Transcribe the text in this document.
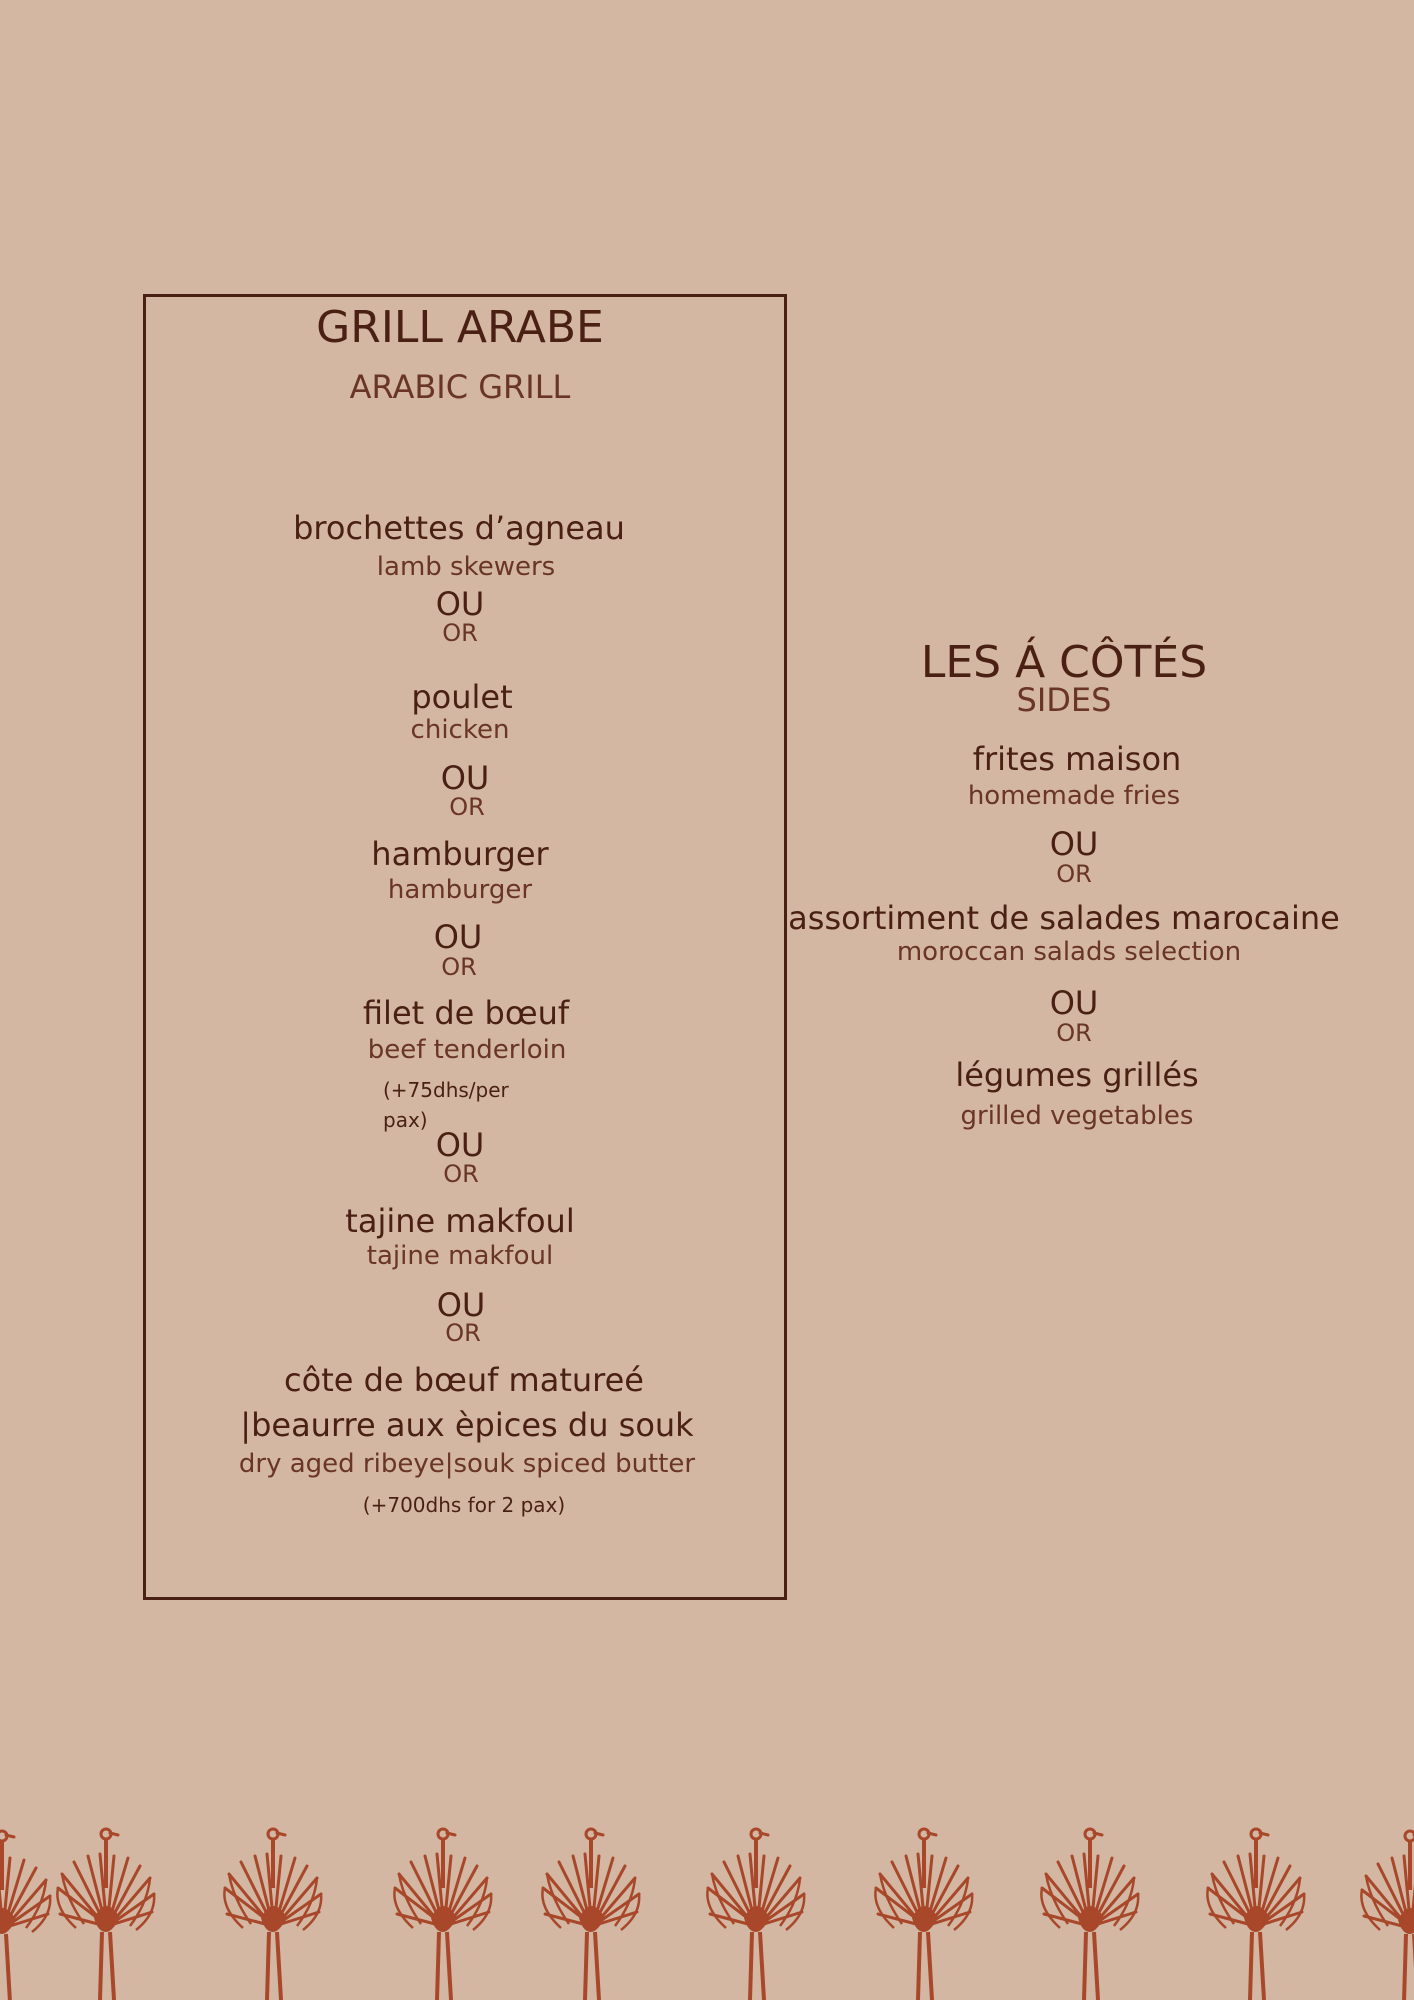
GRILL ARABE
ARABIC GRILL
brochettes d’agneau
lamb skewers
OU
OR
poulet
chicken
OU
OR
hamburger
hamburger
OU
OR
filet de bœuf
beef tenderloin
(+75dhs/per pax)
OU
OR
tajine makfoul
tajine makfoul
OU
OR
côte de bœuf matureé
|beaurre aux èpices du souk
dry aged ribeye|souk spiced butter
(+700dhs for 2 pax)
LES Á CÔTÉS
SIDES
frites maison
homemade fries
OU
OR
assortiment de salades marocaine
moroccan salads selection
OU
OR
légumes grillés
grilled vegetables
